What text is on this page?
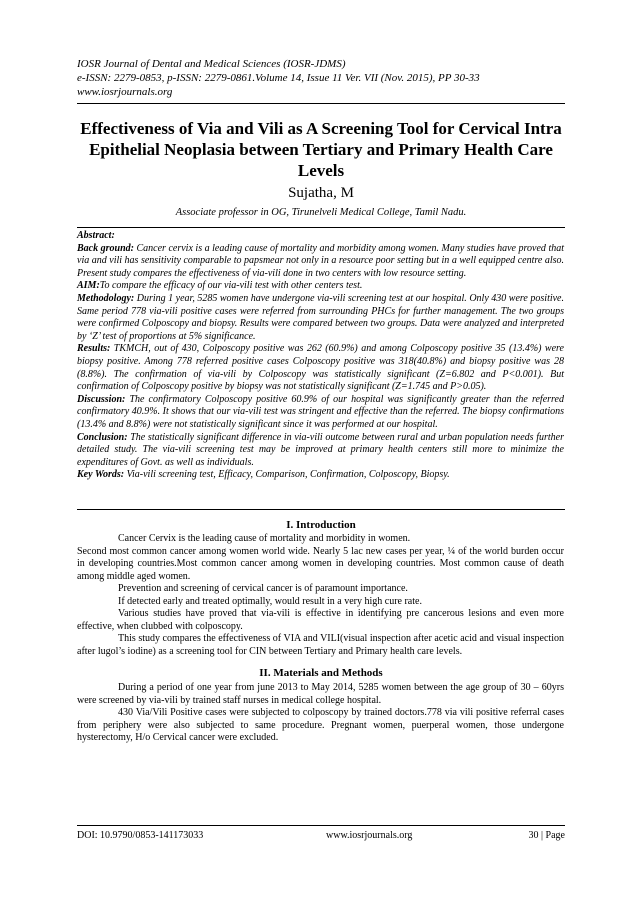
IOSR Journal of Dental and Medical Sciences (IOSR-JDMS)
e-ISSN: 2279-0853, p-ISSN: 2279-0861.Volume 14, Issue 11 Ver. VII (Nov. 2015), PP 30-33
www.iosrjournals.org
Effectiveness of Via and Vili as A Screening Tool for Cervical Intra Epithelial Neoplasia between Tertiary and Primary Health Care Levels
Sujatha, M
Associate professor in OG, Tirunelveli Medical College, Tamil Nadu.

Abstract:

Back ground: Cancer cervix is a leading cause of mortality and morbidity among women. Many studies have proved that via and vili has sensitivity comparable to papsmear not only in a resource poor setting but in a well equipped centre also. Present study compares the effectiveness of via-vili done in two centers with low resource setting.

AIM:To compare the efficacy of our via-vili test with other centers test.

Methodology: During 1 year, 5285 women have undergone via-vili screening test at our hospital. Only 430 were positive. Same period 778 via-vili positive cases were referred from surrounding PHCs for further management. The two groups were confirmed Colposcopy and biopsy. Results were compared between two groups. Data were analyzed and interpreted by ‘Z’ test of proportions at 5% significance.

Results: TKMCH, out of 430, Colposcopy positive was 262 (60.9%) and among Colposcopy positive 35 (13.4%) were biopsy positive. Among 778 referred positive cases Colposcopy positive was 318(40.8%) and biopsy positive was 28 (8.8%). The confirmation of via-vili by Colposcopy was statistically significant (Z=6.802 and P<0.001). But confirmation of Colposcopy positive by biopsy was not statistically significant (Z=1.745 and P>0.05).

Discussion: The confirmatory Colposcopy positive 60.9% of our hospital was significantly greater than the referred confirmatory 40.9%. It shows that our via-vili test was stringent and effective than the referred. The biopsy confirmations (13.4% and 8.8%) were not statistically significant since it was performed at our hospital.

Conclusion: The statistically significant difference in via-vili outcome between rural and urban population needs further detailed study. The via-vili screening test may be improved at primary health centers still more to minimize the expenditures of Govt. as well as individuals.

Key Words: Via-vili screening test, Efficacy, Comparison, Confirmation, Colposcopy, Biopsy.

I. Introduction

Cancer Cervix is the leading cause of mortality and morbidity in women.

Second most common cancer among women world wide. Nearly 5 lac new cases per year, ¼ of the world burden occur in developing countries.Most common cancer among women in developing countries. Most common cause of death among middle aged women.

Prevention and screening of cervical cancer is of paramount importance.

If detected early and treated optimally, would result in a very high cure rate.

Various studies have proved that via-vili is effective in identifying pre cancerous lesions and even more effective, when clubbed with colposcopy.

This study compares the effectiveness of VIA and VILI(visual inspection after acetic acid and visual inspection after lugol’s iodine) as a screening tool for CIN between Tertiary and Primary health care levels.

II. Materials and Methods

During a period of one year from june 2013 to May 2014, 5285 women between the age group of 30 – 60yrs were screened by via-vili by trained staff nurses in medical college hospital.

430 Via/Vili Positive cases were subjected to colposcopy by trained doctors.778 via vili positive referral cases from periphery were also subjected to same procedure. Pregnant women, puerperal women, those undergone hysterectomy, H/o Cervical cancer were excluded.

DOI: 10.9790/0853-141173033	www.iosrjournals.org	30 | Page
